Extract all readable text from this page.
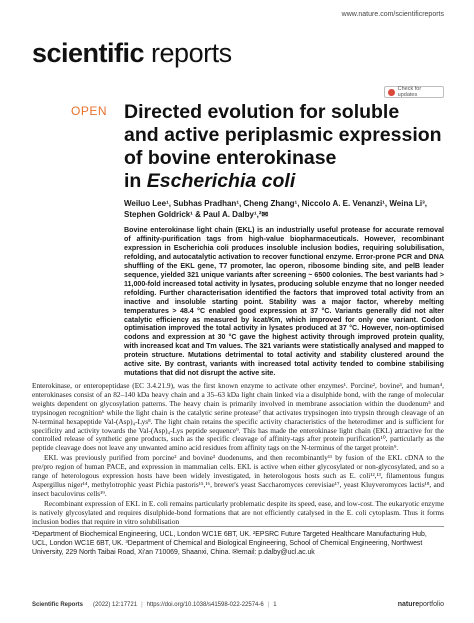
www.nature.com/scientificreports
scientific reports
Check for updates
OPEN Directed evolution for soluble
and active periplasmic expression
of bovine enterokinase
in Escherichia coli
Weiluo Lee¹, Subhas Pradhan¹, Cheng Zhang¹, Niccolo A. E. Venanzi¹, Weina Li³, Stephen Goldrick¹ & Paul A. Dalby¹,²✉
Bovine enterokinase light chain (EKL) is an industrially useful protease for accurate removal of affinity-purification tags from high-value biopharmaceuticals. However, recombinant expression in Escherichia coli produces insoluble inclusion bodies, requiring solubilisation, refolding, and autocatalytic activation to recover functional enzyme. Error-prone PCR and DNA shuffling of the EKL gene, T7 promoter, lac operon, ribosome binding site, and pelB leader sequence, yielded 321 unique variants after screening ~ 6500 colonies. The best variants had > 11,000-fold increased total activity in lysates, producing soluble enzyme that no longer needed refolding. Further characterisation identified the factors that improved total activity from an inactive and insoluble starting point. Stability was a major factor, whereby melting temperatures > 48.4 °C enabled good expression at 37 °C. Variants generally did not alter catalytic efficiency as measured by kcat/Km, which improved for only one variant. Codon optimisation improved the total activity in lysates produced at 37 °C. However, non-optimised codons and expression at 30 °C gave the highest activity through improved protein quality, with increased kcat and Tm values. The 321 variants were statistically analysed and mapped to protein structure. Mutations detrimental to total activity and stability clustered around the active site. By contrast, variants with increased total activity tended to combine stabilising mutations that did not disrupt the active site.

Enterokinase, or enteropeptidase (EC 3.4.21.9), was the first known enzyme to activate other enzymes¹. Porcine², bovine³, and human⁴, enterokinases consist of an 82–140 kDa heavy chain and a 35–63 kDa light chain linked via a disulphide bond, with the range of molecular weights dependent on glycosylation patterns. The heavy chain is primarily involved in membrane association within the duodenum⁵ and trypsinogen recognition⁶ while the light chain is the catalytic serine protease⁷ that activates trypsinogen into trypsin through cleavage of an N-terminal hexapeptide Val-(Asp)₄-Lys⁸. The light chain retains the specific activity characteristics of the heterodimer and is sufficient for specificity and activity towards the Val-(Asp)₄-Lys peptide sequence⁹. This has made the enterokinase light chain (EKL) attractive for the controlled release of synthetic gene products, such as the specific cleavage of affinity-tags after protein purification¹⁰, particularly as the peptide cleavage does not leave any unwanted amino acid residues from affinity tags on the N-terminus of the target protein⁹.

EKL was previously purified from porcine² and bovine³ duodenums, and then recombinantly¹¹ by fusion of the EKL cDNA to the pre/pro region of human PACE, and expression in mammalian cells. EKL is active when either glycosylated or non-glycosylated, and so a range of heterologous expression hosts have been widely investigated, in heterologous hosts such as E. coli¹²,¹³, filamentous fungus Aspergillus niger¹⁴, methylotrophic yeast Pichia pastoris¹⁵,¹⁶, brewer's yeast Saccharomyces cerevisiae¹⁷, yeast Kluyveromyces lactis¹⁸, and insect baculovirus cells¹⁹.

Recombinant expression of EKL in E. coli remains particularly problematic despite its speed, ease, and low-cost. The eukaryotic enzyme is natively glycosylated and requires disulphide-bond formations that are not efficiently catalysed in the E. coli cytoplasm. Thus it forms inclusion bodies that require in vitro solubilisation

¹Department of Biochemical Engineering, UCL, London WC1E 6BT, UK. ²EPSRC Future Targeted Healthcare Manufacturing Hub, UCL, London WC1E 6BT, UK. ³Department of Chemical and Biological Engineering, School of Chemical Engineering, Northwest University, 229 North Taibai Road, Xi'an 710069, Shaanxi, China. ✉email: p.dalby@ucl.ac.uk
Scientific Reports (2022) 12:17721 | https://doi.org/10.1038/s41598-022-22574-6 | 1	natureportfolio
